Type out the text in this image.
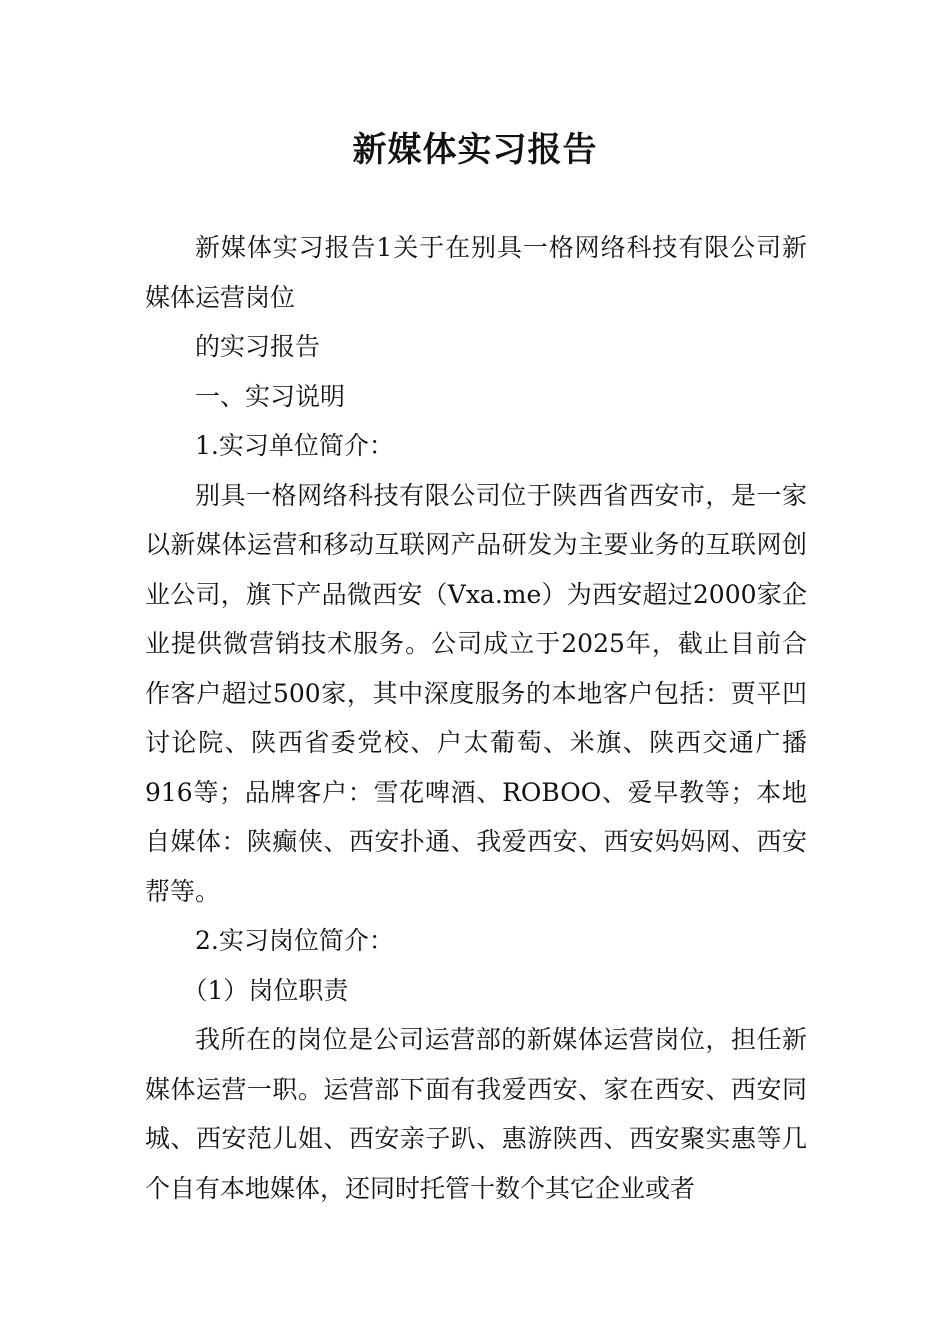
新媒体实习报告

新媒体实习报告1关于在别具一格网络科技有限公司新媒体运营岗位

的实习报告

一、实习说明

1.实习单位简介：

别具一格网络科技有限公司位于陕西省西安市，是一家以新媒体运营和移动互联网产品研发为主要业务的互联网创业公司，旗下产品微西安（Vxa.me）为西安超过2000家企业提供微营销技术服务。公司成立于2025年，截止目前合作客户超过500家，其中深度服务的本地客户包括：贾平凹讨论院、陕西省委党校、户太葡萄、米旗、陕西交通广播916等；品牌客户：雪花啤酒、ROBOO、爱早教等；本地自媒体：陕癫侠、西安扑通、我爱西安、西安妈妈网、西安帮等。

2.实习岗位简介：

（1）岗位职责

我所在的岗位是公司运营部的新媒体运营岗位，担任新媒体运营一职。运营部下面有我爱西安、家在西安、西安同城、西安范儿姐、西安亲子趴、惠游陕西、西安聚实惠等几个自有本地媒体，还同时托管十数个其它企业或者
